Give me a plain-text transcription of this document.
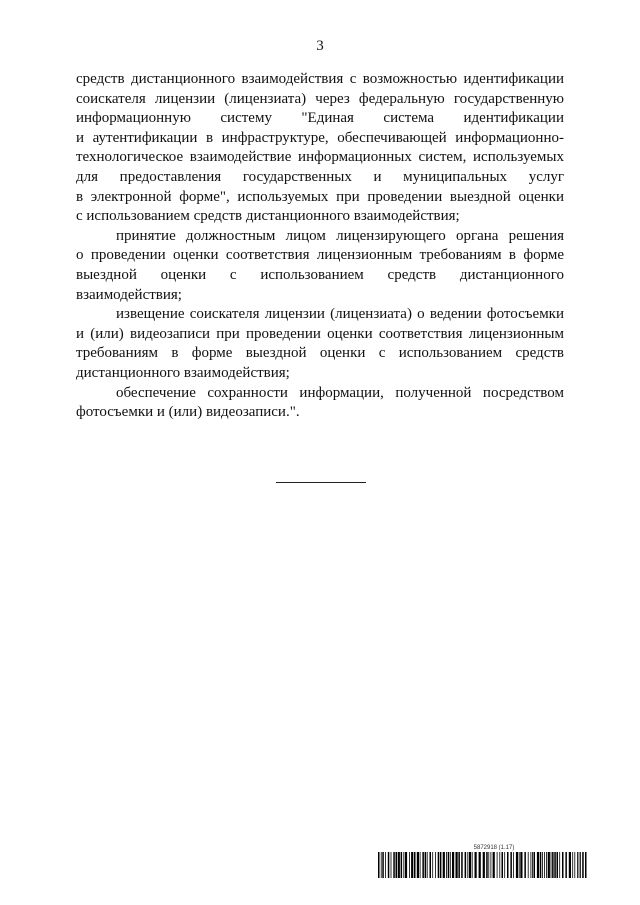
3
средств дистанционного взаимодействия с возможностью идентификации
соискателя лицензии (лицензиата) через федеральную государственную
информационную систему "Единая система идентификации
и аутентификации в инфраструктуре, обеспечивающей информационно-
технологическое взаимодействие информационных систем, используемых
для предоставления государственных и муниципальных услуг
в электронной форме", используемых при проведении выездной оценки
с использованием средств дистанционного взаимодействия;
принятие должностным лицом лицензирующего органа решения
о проведении оценки соответствия лицензионным требованиям в форме
выездной оценки с использованием средств дистанционного
взаимодействия;
извещение соискателя лицензии (лицензиата) о ведении фотосъемки
и (или) видеозаписи при проведении оценки соответствия лицензионным
требованиям в форме выездной оценки с использованием средств
дистанционного взаимодействия;
обеспечение сохранности информации, полученной посредством
фотосъемки и (или) видеозаписи.".
5872918 (1.17)
